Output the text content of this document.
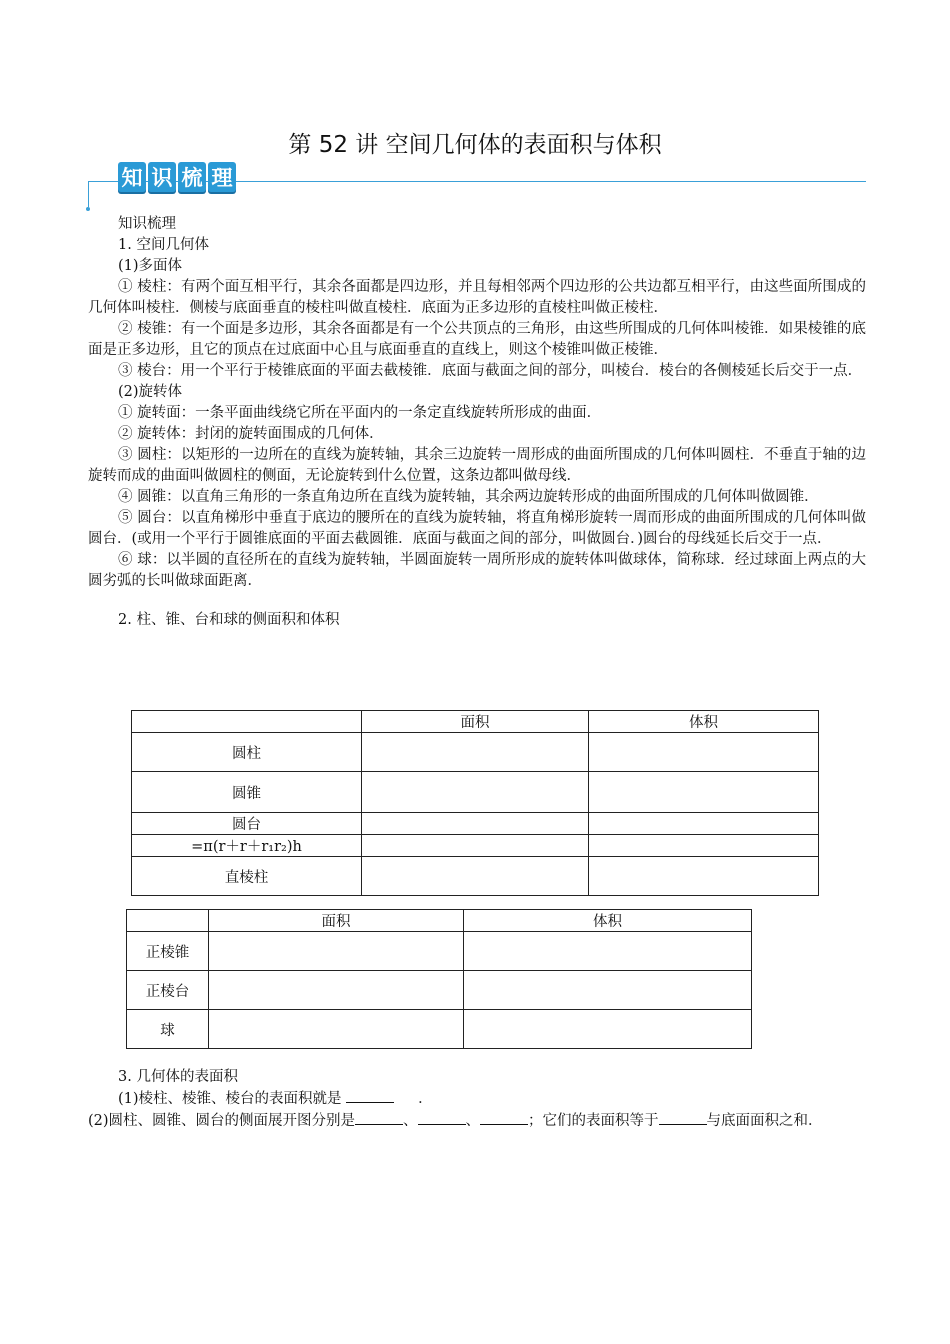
第 52 讲 空间几何体的表面积与体积
知 识 梳 理

知识梳理

1. 空间几何体

(1)多面体

① 棱柱：有两个面互相平行，其余各面都是四边形，并且每相邻两个四边形的公共边都互相平行，由这些面所围成的几何体叫棱柱．侧棱与底面垂直的棱柱叫做直棱柱．底面为正多边形的直棱柱叫做正棱柱．

② 棱锥：有一个面是多边形，其余各面都是有一个公共顶点的三角形，由这些所围成的几何体叫棱锥．如果棱锥的底面是正多边形，且它的顶点在过底面中心且与底面垂直的直线上，则这个棱锥叫做正棱锥．

③ 棱台：用一个平行于棱锥底面的平面去截棱锥．底面与截面之间的部分，叫棱台．棱台的各侧棱延长后交于一点．

(2)旋转体

① 旋转面：一条平面曲线绕它所在平面内的一条定直线旋转所形成的曲面．

② 旋转体：封闭的旋转面围成的几何体．

③ 圆柱：以矩形的一边所在的直线为旋转轴，其余三边旋转一周形成的曲面所围成的几何体叫圆柱．不垂直于轴的边旋转而成的曲面叫做圆柱的侧面，无论旋转到什么位置，这条边都叫做母线．

④ 圆锥：以直角三角形的一条直角边所在直线为旋转轴，其余两边旋转形成的曲面所围成的几何体叫做圆锥．

⑤ 圆台：以直角梯形中垂直于底边的腰所在的直线为旋转轴，将直角梯形旋转一周而形成的曲面所围成的几何体叫做圆台．(或用一个平行于圆锥底面的平面去截圆锥．底面与截面之间的部分，叫做圆台．)圆台的母线延长后交于一点．

⑥ 球：以半圆的直径所在的直线为旋转轴，半圆面旋转一周所形成的旋转体叫做球体，简称球．经过球面上两点的大圆劣弧的长叫做球面距离．

2. 柱、锥、台和球的侧面积和体积

	面积	体积
圆柱		
圆锥		
圆台		
=π(r＋r＋r₁r₂)h		
直棱柱		
	面积	体积
正棱锥		
正棱台		
球		

3. 几何体的表面积

(1)棱柱、棱锥、棱台的表面积就是	．

(2)圆柱、圆锥、圆台的侧面展开图分别是	、	、	；它们的表面积等于	与底面面积之和．
